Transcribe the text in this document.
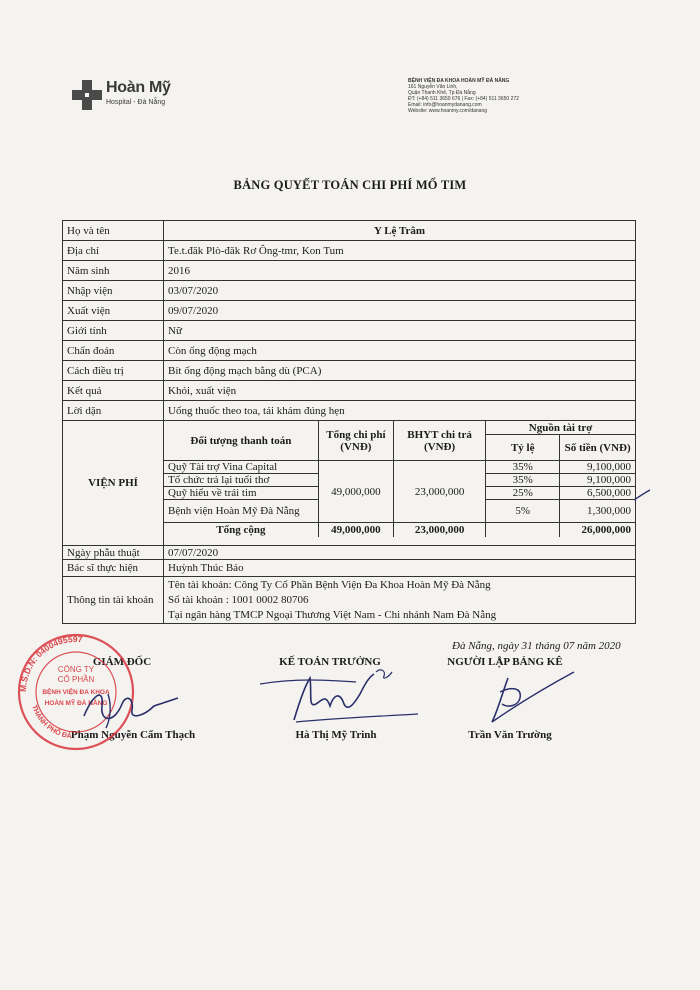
Hoàn Mỹ
Hospital - Đà Nẵng
BỆNH VIỆN ĐA KHOA HOÀN MỸ ĐÀ NẴNG
161 Nguyễn Văn Linh,
Quận Thanh Khê, Tp Đà Nẵng
ĐT: (+84) 511 3650 676 | Fax: (+84) 511 3650 272
Email: info@hoanmydanang.com
Website: www.hoanmy.com/danang
BẢNG QUYẾT TOÁN CHI PHÍ MỔ TIM
Họ và tên	Y Lệ Trâm
Địa chỉ	Te.t.đăk Plò-đăk Rơ Ông-tmr, Kon Tum
Năm sinh	2016
Nhập viện	03/07/2020
Xuất viện	09/07/2020
Giới tính	Nữ
Chẩn đoán	Còn ống động mạch
Cách điều trị	Bít ống động mạch bằng dù (PCA)
Kết quả	Khỏi, xuất viện
Lời dặn	Uống thuốc theo toa, tái khám đúng hẹn
VIỆN PHÍ	
Đối tượng thanh toán	Tổng chi phí (VNĐ)	BHYT chi trả (VNĐ)	Nguồn tài trợ
Tỷ lệ	Số tiền (VNĐ)
Quỹ Tài trợ Vina Capital	49,000,000	23,000,000	35%	9,100,000
Tổ chức trả lại tuổi thơ	35%	9,100,000
Quỹ hiểu về trái tim	25%	6,500,000
Bệnh viện Hoàn Mỹ Đà Nẵng	5%	1,300,000
Tổng cộng	49,000,000	23,000,000		26,000,000

Ngày phẫu thuật	07/07/2020
Bác sĩ thực hiện	Huỳnh Thúc Bảo
Thông tin tài khoản	
Tên tài khoản: Công Ty Cổ Phần Bệnh Viện Đa Khoa Hoàn Mỹ Đà Nẵng
Số tài khoản : 1001 0002 80706
Tại ngân hàng TMCP Ngoại Thương Việt Nam - Chi nhánh Nam Đà Nẵng
Đà Nẵng, ngày 31 tháng 07 năm 2020
GIÁM ĐỐC	KẾ TOÁN TRƯỞNG	NGƯỜI LẬP BẢNG KÊ
Phạm Nguyễn Cẩm Thạch	Hà Thị Mỹ Trinh	Trần Văn Trường
M.S.D.N: 0400495597
THÀNH PHỐ ĐÀ
CÔNG TY
CỔ PHẦN
BỆNH VIỆN ĐA KHOA
HOÀN MỸ ĐÀ NẴNG
